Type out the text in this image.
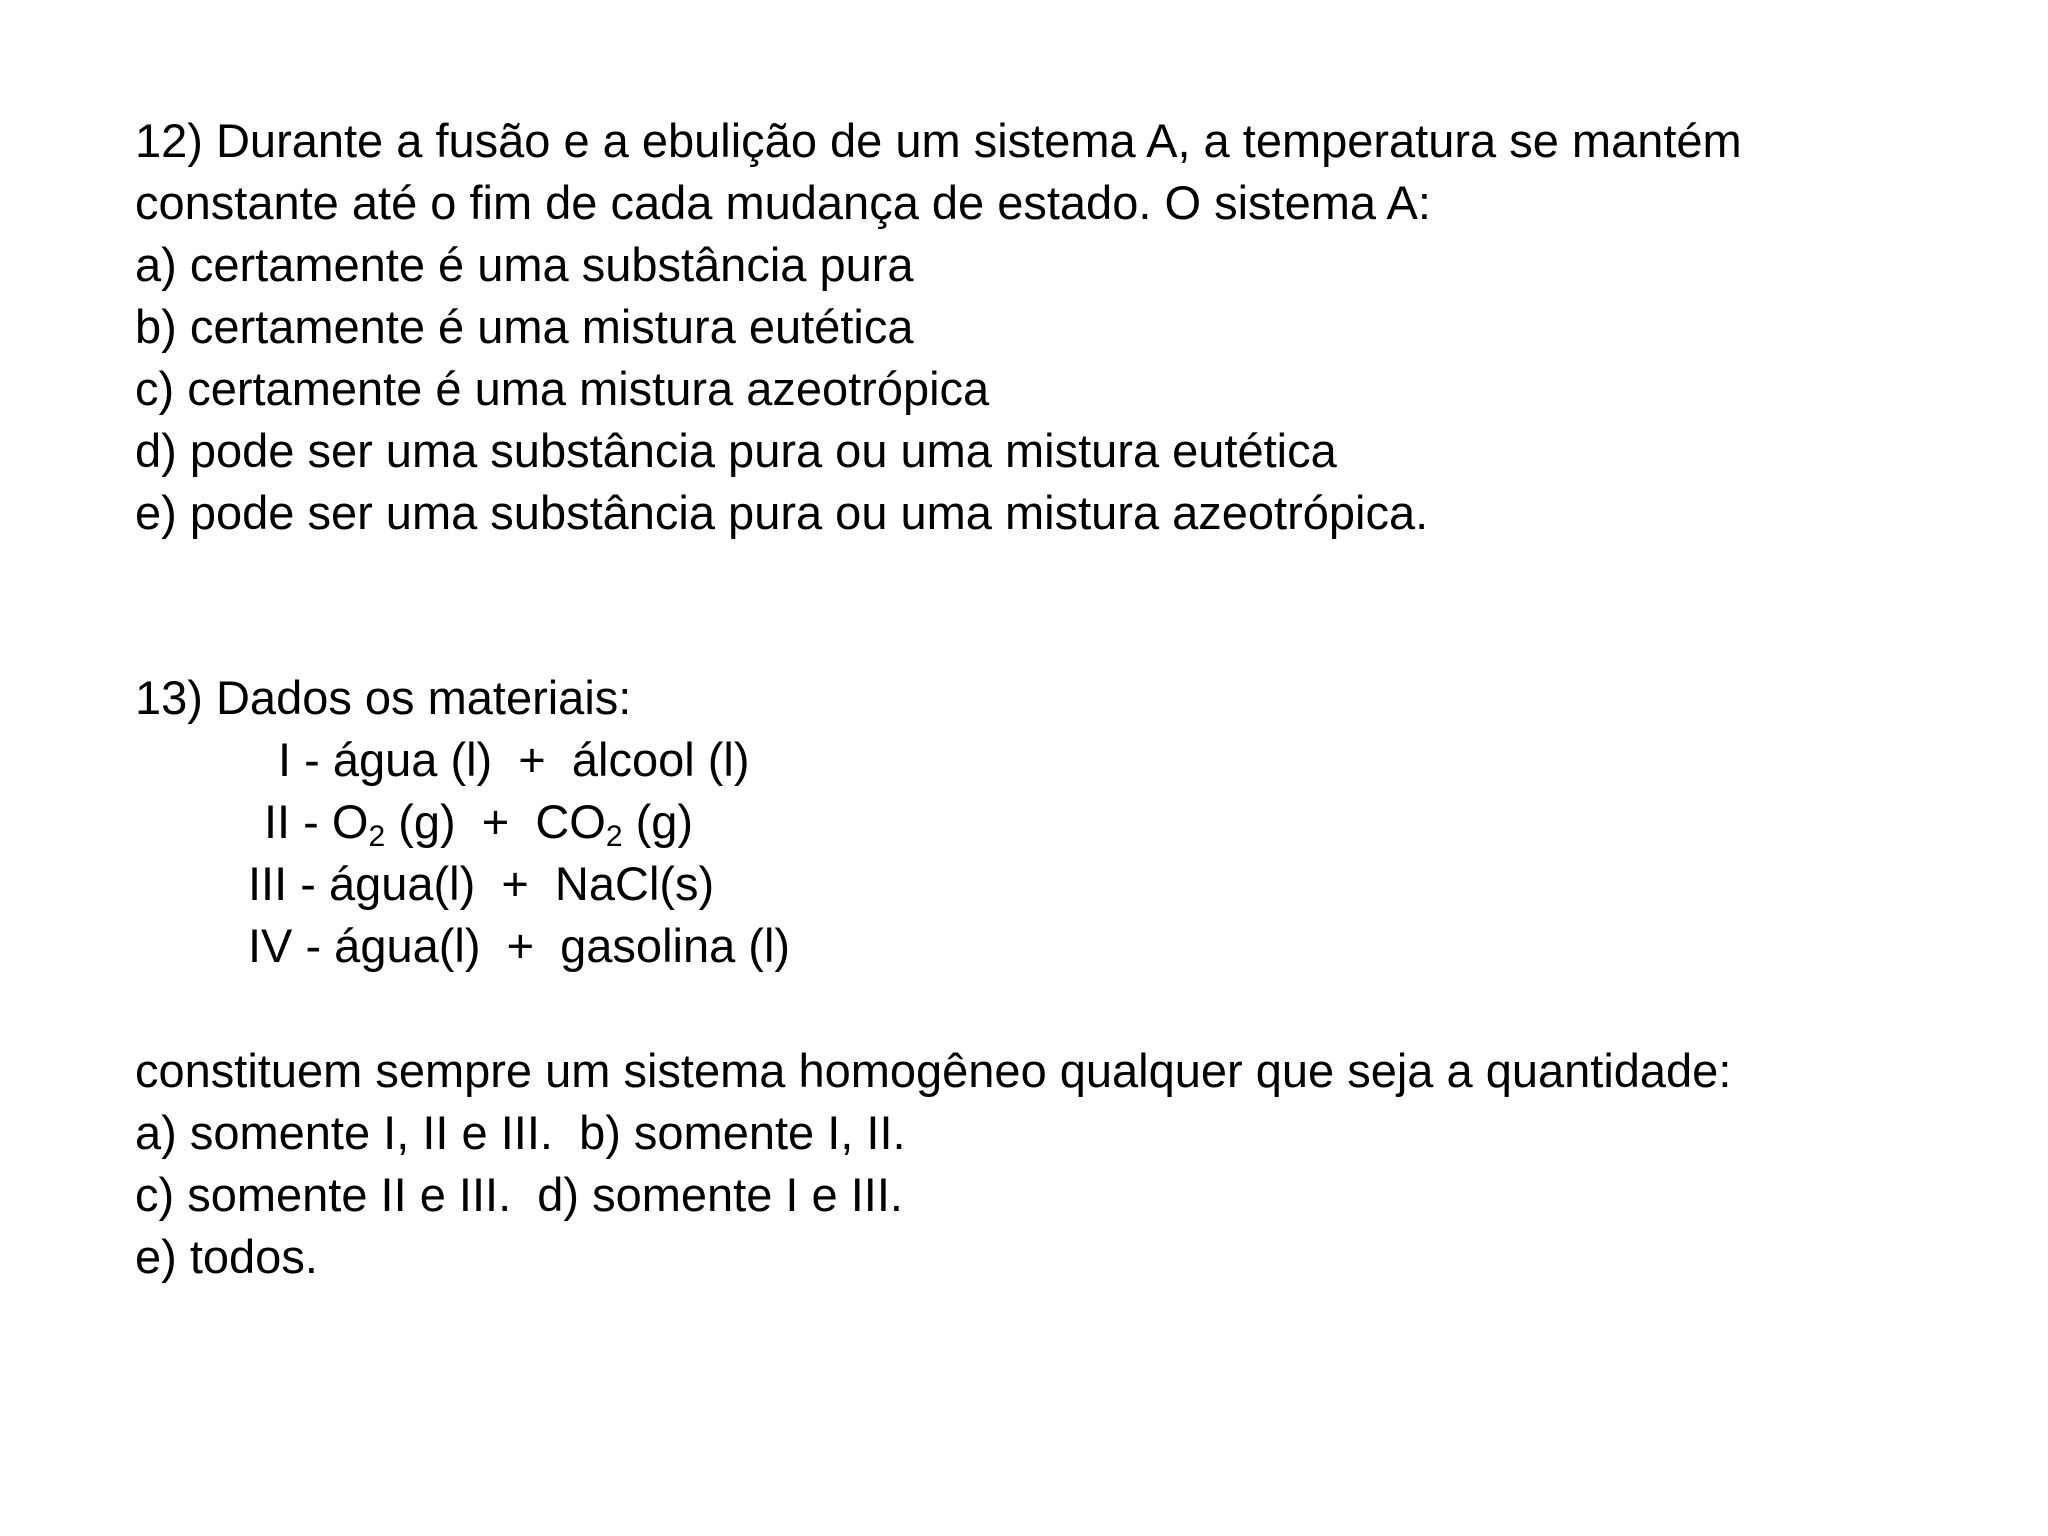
12) Durante a fusão e a ebulição de um sistema A, a temperatura se mantém
constante até o fim de cada mudança de estado. O sistema A:
a) certamente é uma substância pura
b) certamente é uma mistura eutética
c) certamente é uma mistura azeotrópica
d) pode ser uma substância pura ou uma mistura eutética
e) pode ser uma substância pura ou uma mistura azeotrópica.
13) Dados os materiais:
I - água (l)  +  álcool (l)
II - $O_2$ $(g) + CO_2$ (g)
III - água(l)  +  NaCl(s)
IV - água(l)  +  gasolina (l)
constituem sempre um sistema homogêneo qualquer que seja a quantidade:
a) somente I, II e III.  b) somente I, II.
c) somente II e III.  d) somente I e III.
e) todos.
